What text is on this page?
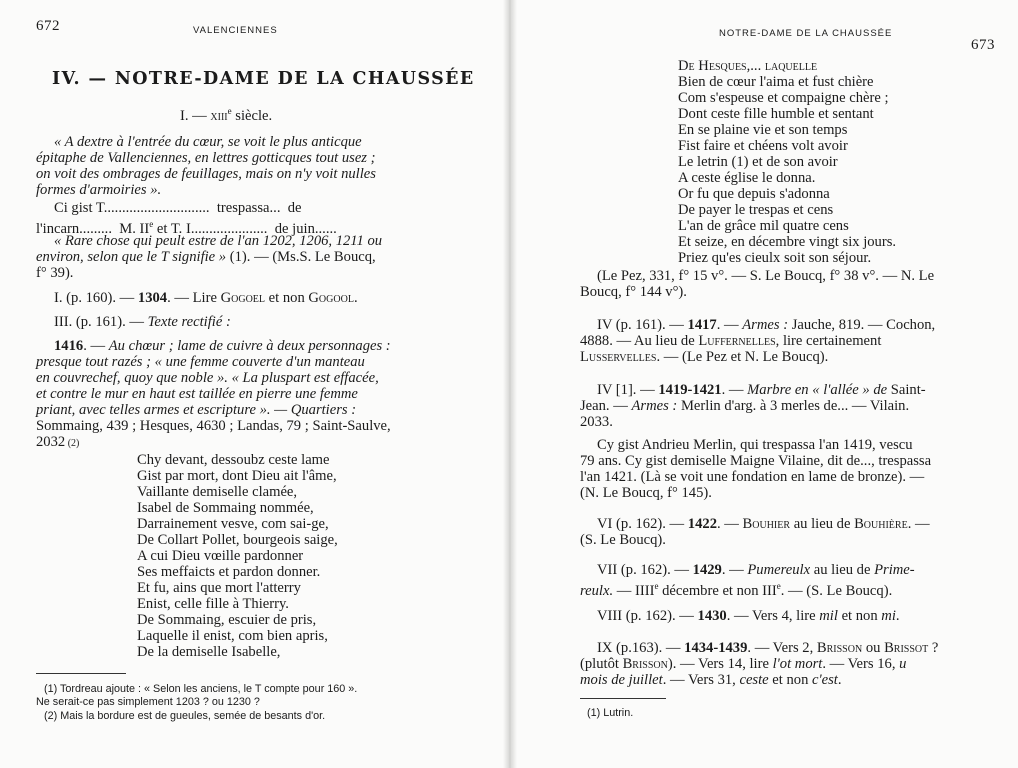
672	VALENCIENNES
IV. — NOTRE-DAME DE LA CHAUSSÉE
I. — xiii$^e$ siècle.
« A dextre à l'entrée du cœur, se voit le plus anticque
épitaphe de Vallenciennes, en lettres gotticques tout usez ;
on voit des ombrages de feuillages, mais on n'y voit nulles
formes d'armoiries ».
Ci gist T.............................  trespassa...  de
l'incarn.........  M. IIe et T. I.....................  de juin......
« Rare chose qui peult estre de l'an 1202, 1206, 1211 ou
environ, selon que le T signifie » (1). — (Ms.S. Le Boucq,
f° 39).
I. (p. 160). — 1304. — Lire Gogoel et non Gogool.
III. (p. 161). — Texte rectifié :
1416. — Au chœur ; lame de cuivre à deux personnages :
presque tout razés ; « une femme couverte d'un manteau
en couvrechef, quoy que noble ». « La pluspart est effacée,
et contre le mur en haut est taillée en pierre une femme
priant, avec telles armes et escripture ». — Quartiers :
Sommaing, 439 ; Hesques, 4630 ; Landas, 79 ; Saint-Saulve,
2032 (2)
Chy devant, dessoubz ceste lame
Gist par mort, dont Dieu ait l'âme,
Vaillante demiselle clamée,
Isabel de Sommaing nommée,
Darrainement vesve, com sai-ge,
De Collart Pollet, bourgeois saige,
A cui Dieu vœille pardonner
Ses meffaicts et pardon donner.
Et fu, ains que mort l'atterry
Enist, celle fille à Thierry.
De Sommaing, escuier de pris,
Laquelle il enist, com bien apris,
De la demiselle Isabelle,
(1) Tordreau ajoute : « Selon les anciens, le T compte pour 160 ».
Ne serait-ce pas simplement 1203 ? ou 1230 ?
(2) Mais la bordure est de gueules, semée de besants d'or.
NOTRE-DAME DE LA CHAUSSÉE
673
De Hesques,... laquelle
Bien de cœur l'aima et fust chière
Com s'espeuse et compaigne chère ;
Dont ceste fille humble et sentant
En se plaine vie et son temps
Fist faire et chéens volt avoir
Le letrin (1) et de son avoir
A ceste église le donna.
Or fu que depuis s'adonna
De payer le trespas et cens
L'an de grâce mil quatre cens
Et seize, en décembre vingt six jours.
Priez qu'es cieulx soit son séjour.
(Le Pez, 331, f° 15 v°. — S. Le Boucq, f° 38 v°. — N. Le
Boucq, f° 144 v°).
IV (p. 161). — 1417. — Armes : Jauche, 819. — Cochon,
4888. — Au lieu de Luffernelles, lire certainement
Lusservelles. — (Le Pez et N. Le Boucq).
IV [1]. — 1419-1421. — Marbre en « l'allée » de Saint-
Jean. — Armes : Merlin d'arg. à 3 merles de... — Vilain.
2033.
Cy gist Andrieu Merlin, qui trespassa l'an 1419, vescu
79 ans. Cy gist demiselle Maigne Vilaine, dit de..., trespassa
l'an 1421. (Là se voit une fondation en lame de bronze). —
(N. Le Boucq, f° 145).
VI (p. 162). — 1422. — Bouhier au lieu de Bouhière. —
(S. Le Boucq).
VII (p. 162). — 1429. — Pumereulx au lieu de Prime-
reulx. — IIIIe décembre et non IIIe. — (S. Le Boucq).
VIII (p. 162). — 1430. — Vers 4, lire mil et non mi.
IX (p.163). — 1434-1439. — Vers 2, Brisson ou Brissot ?
(plutôt Brisson). — Vers 14, lire l'ot mort. — Vers 16, u
mois de juillet. — Vers 31, ceste et non c'est.
(1) Lutrin.
